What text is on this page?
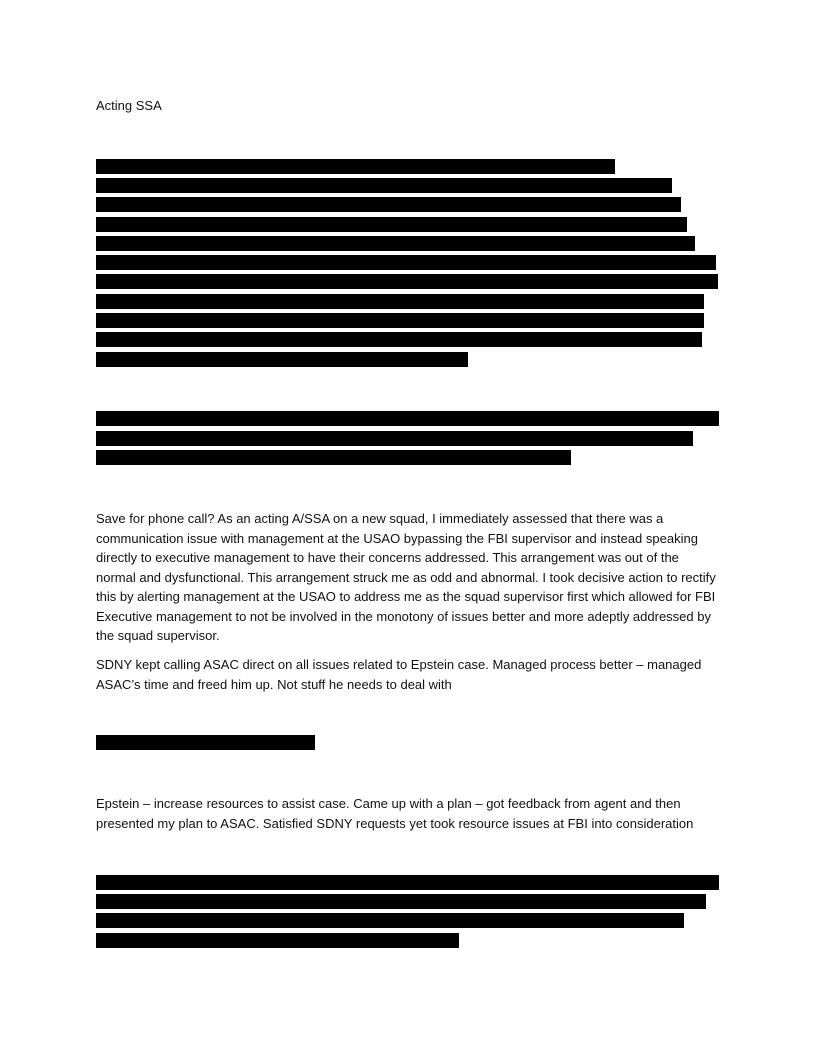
Acting SSA
Save for phone call? As an acting A/SSA on a new squad, I immediately assessed that there was a communication issue with management at the USAO bypassing the FBI supervisor and instead speaking directly to executive management to have their concerns addressed. This arrangement was out of the normal and dysfunctional. This arrangement struck me as odd and abnormal. I took decisive action to rectify this by alerting management at the USAO to address me as the squad supervisor first which allowed for FBI Executive management to not be involved in the monotony of issues better and more adeptly addressed by the squad supervisor.
SDNY kept calling ASAC direct on all issues related to Epstein case. Managed process better – managed ASAC’s time and freed him up. Not stuff he needs to deal with
Epstein – increase resources to assist case. Came up with a plan – got feedback from agent and then presented my plan to ASAC. Satisfied SDNY requests yet took resource issues at FBI into consideration
